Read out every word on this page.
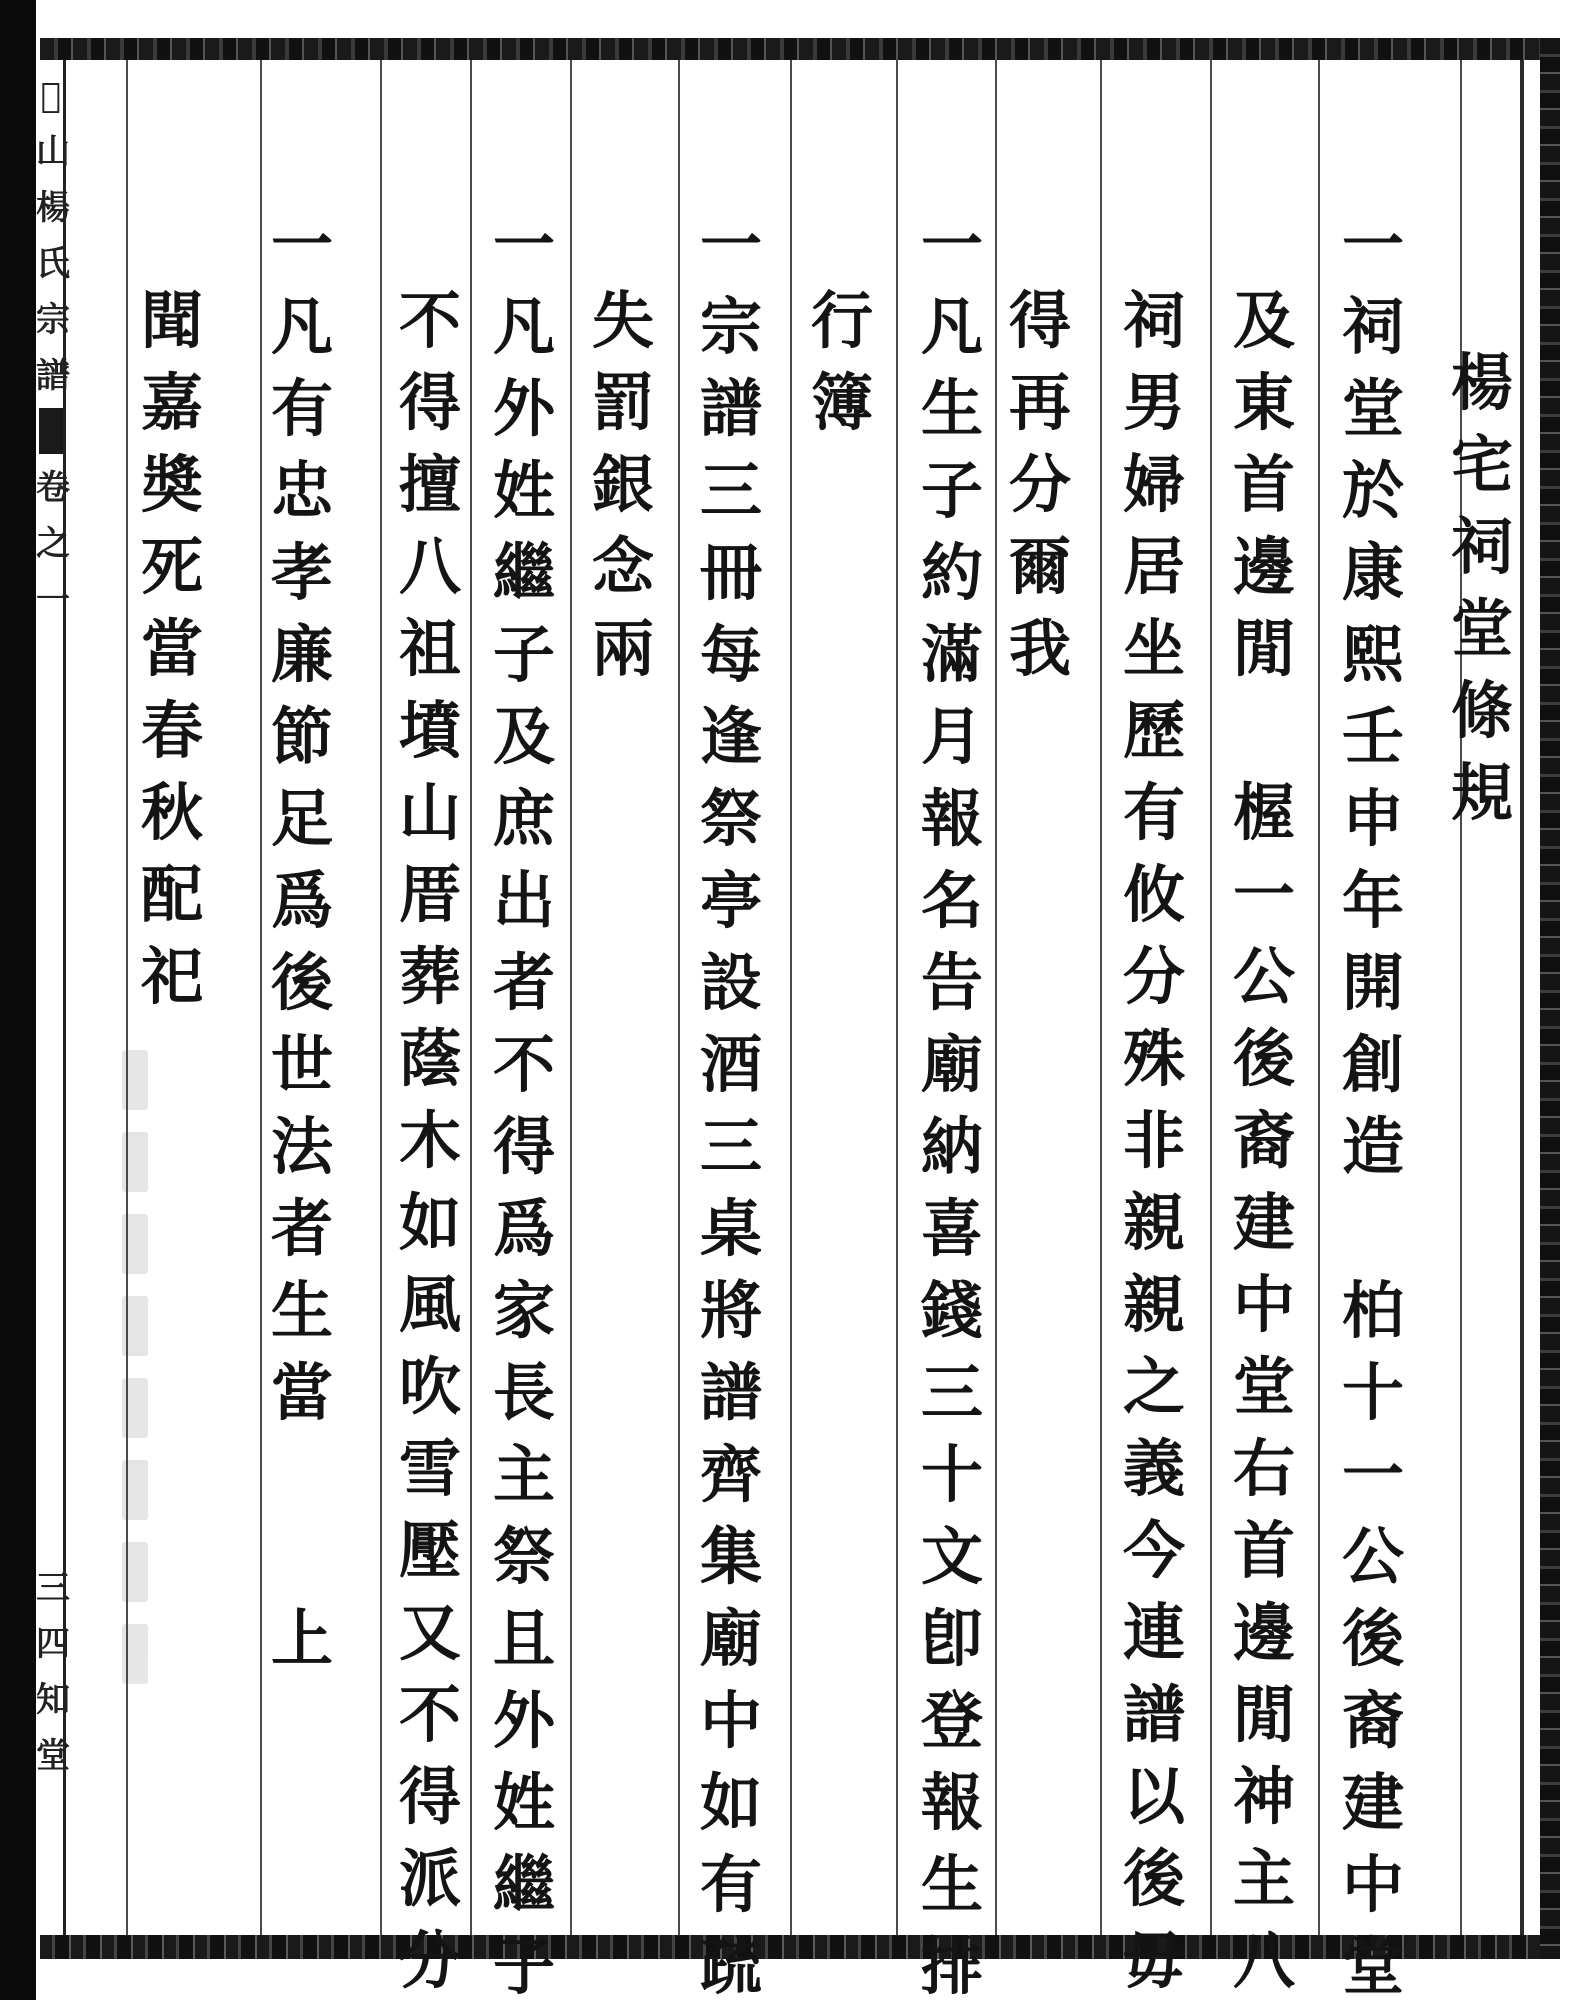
𪫃
山
楊
氏
宗
譜
卷
之
一
三
四
知
堂
楊
宅
祠
堂
條
規
一
祠
堂
於
康
熙
壬
申
年
開
創
造
柏
十
一
公
後
裔
建
中
堂
及
東
首
邊
閒
楃
一
公
後
裔
建
中
堂
右
首
邊
閒
神
主
八
祠
男
婦
居
坐
歷
有
攸
分
殊
非
親
親
之
義
今
連
譜
以
後
毋
得
再
分
爾
我
一
凡
生
子
約
滿
月
報
名
告
廟
納
喜
錢
三
十
文
卽
登
報
生
排
行
簿
一
宗
譜
三
冊
每
逢
祭
亭
設
酒
三
桌
將
譜
齊
集
廟
中
如
有
疏
失
罰
銀
念
兩
一
凡
外
姓
繼
子
及
庶
出
者
不
得
爲
家
長
主
祭
且
外
姓
繼
子
不
得
擅
八
祖
墳
山
厝
葬
蔭
木
如
風
吹
雪
壓
又
不
得
派
分
一
凡
有
忠
孝
廉
節
足
爲
後
世
法
者
生
當
上
聞
嘉
奬
死
當
春
秋
配
祀
